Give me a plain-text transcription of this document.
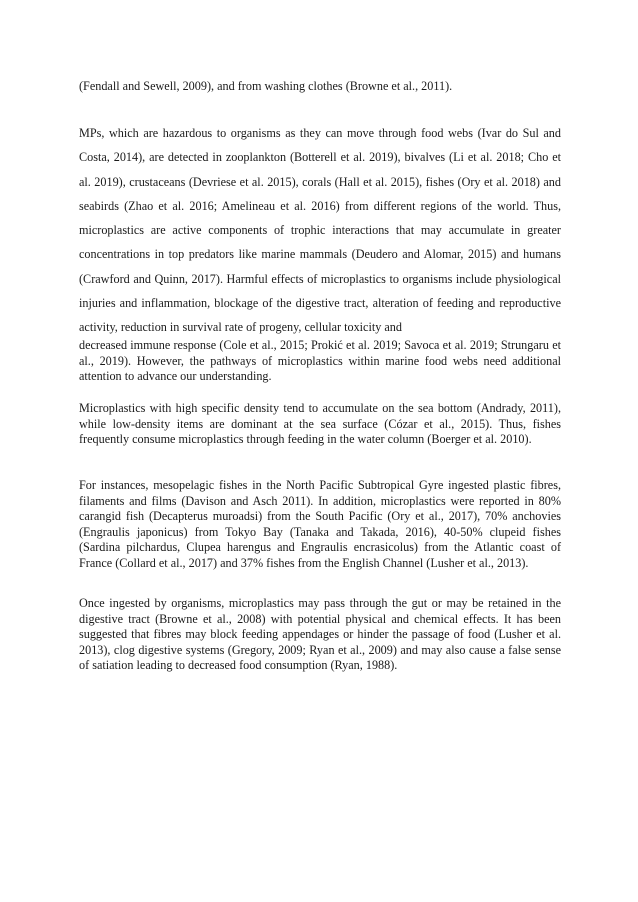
(Fendall and Sewell, 2009), and from washing clothes (Browne et al., 2011).

MPs, which are hazardous to organisms as they can move through food webs (Ivar do Sul and Costa, 2014), are detected in zooplankton (Botterell et al. 2019), bivalves (Li et al. 2018; Cho et al. 2019), crustaceans (Devriese et al. 2015), corals (Hall et al. 2015), fishes (Ory et al. 2018) and seabirds (Zhao et al. 2016; Amelineau et al. 2016) from different regions of the world. Thus, microplastics are active components of trophic interactions that may accumulate in greater concentrations in top predators like marine mammals (Deudero and Alomar, 2015) and humans (Crawford and Quinn, 2017). Harmful effects of microplastics to organisms include physiological injuries and inflammation, blockage of the digestive tract, alteration of feeding and reproductive activity, reduction in survival rate of progeny, cellular toxicity and

decreased immune response (Cole et al., 2015; Prokić et al. 2019; Savoca et al. 2019; Strungaru et al., 2019). However, the pathways of microplastics within marine food webs need additional attention to advance our understanding.

Microplastics with high specific density tend to accumulate on the sea bottom (Andrady, 2011), while low-density items are dominant at the sea surface (Cózar et al., 2015). Thus, fishes frequently consume microplastics through feeding in the water column (Boerger et al. 2010).

For instances, mesopelagic fishes in the North Pacific Subtropical Gyre ingested plastic fibres, filaments and films (Davison and Asch 2011). In addition, microplastics were reported in 80% carangid fish (Decapterus muroadsi) from the South Pacific (Ory et al., 2017), 70% anchovies (Engraulis japonicus) from Tokyo Bay (Tanaka and Takada, 2016), 40-50% clupeid fishes (Sardina pilchardus, Clupea harengus and Engraulis encrasicolus) from the Atlantic coast of France (Collard et al., 2017) and 37% fishes from the English Channel (Lusher et al., 2013).

Once ingested by organisms, microplastics may pass through the gut or may be retained in the digestive tract (Browne et al., 2008) with potential physical and chemical effects. It has been suggested that fibres may block feeding appendages or hinder the passage of food (Lusher et al. 2013), clog digestive systems (Gregory, 2009; Ryan et al., 2009) and may also cause a false sense of satiation leading to decreased food consumption (Ryan, 1988).
